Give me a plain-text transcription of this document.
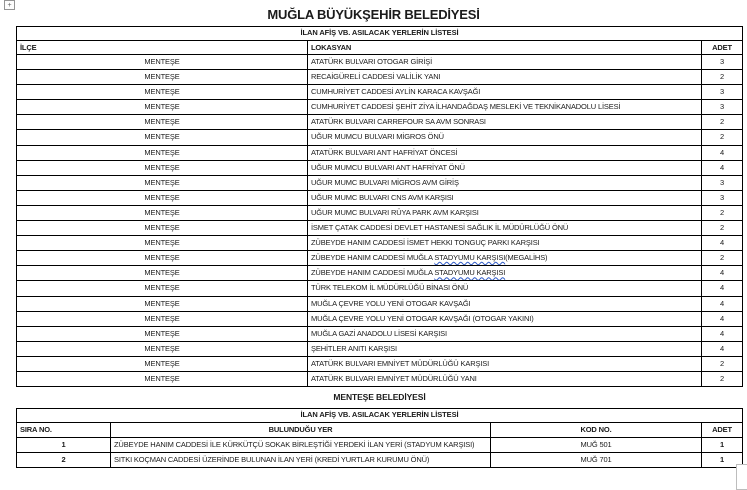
+
MUĞLA BÜYÜKŞEHİR BELEDİYESİ
İLAN AFİŞ VB. ASILACAK YERLERİN LİSTESİ
İLÇE	LOKASYAN	ADET
MENTEŞE	ATATÜRK BULVARI OTOGAR GİRİŞİ	3
MENTEŞE	RECAİGÜRELİ CADDESİ VALİLİK YANI	2
MENTEŞE	CUMHURİYET CADDESİ AYLİN KARACA KAVŞAĞI	3
MENTEŞE	CUMHURİYET CADDESİ ŞEHİT ZİYA İLHANDAĞDAŞ MESLEKİ VE TEKNİKANADOLU LİSESİ	3
MENTEŞE	ATATÜRK BULVARI CARREFOUR SA AVM SONRASI	2
MENTEŞE	UĞUR MUMCU BULVARI MİGROS ÖNÜ	2
MENTEŞE	ATATÜRK BULVARI ANT HAFRİYAT ÖNCESİ	4
MENTEŞE	UĞUR MUMCU BULVARI ANT HAFRİYAT ÖNÜ	4
MENTEŞE	UĞUR MUMC BULVARI MİGROS AVM GİRİŞ	3
MENTEŞE	UĞUR MUMC BULVARI CNS AVM KARŞISI	3
MENTEŞE	UĞUR MUMC BULVARI RÜYA PARK AVM KARŞISI	2
MENTEŞE	İSMET ÇATAK CADDESİ DEVLET HASTANESİ SAĞLIK İL MÜDÜRLÜĞÜ ÖNÜ	2
MENTEŞE	ZÜBEYDE HANIM CADDESİ İSMET HEKKI TONGUÇ PARKI KARŞISI	4
MENTEŞE	ZÜBEYDE HANIM CADDESİ MUĞLA STADYUMU KARŞISI(MEGALİHS)	2
MENTEŞE	ZÜBEYDE HANIM CADDESİ MUĞLA STADYUMU KARŞISI	4
MENTEŞE	TÜRK TELEKOM İL MÜDÜRLÜĞÜ BİNASI ÖNÜ	4
MENTEŞE	MUĞLA ÇEVRE YOLU YENİ OTOGAR KAVŞAĞI	4
MENTEŞE	MUĞLA ÇEVRE YOLU YENİ OTOGAR KAVŞAĞI (OTOGAR YAKINI)	4
MENTEŞE	MUĞLA GAZİ ANADOLU LİSESİ KARŞISI	4
MENTEŞE	ŞEHİTLER ANITI KARŞISI	4
MENTEŞE	ATATÜRK BULVARI EMNİYET MÜDÜRLÜĞÜ KARŞISI	2
MENTEŞE	ATATÜRK BULVARI EMNİYET MÜDÜRLÜĞÜ YANI	2
MENTEŞE BELEDİYESİ
İLAN AFİŞ VB. ASILACAK YERLERİN LİSTESİ
SIRA NO.	BULUNDUĞU YER	KOD NO.	ADET
1	ZÜBEYDE HANIM CADDESİ İLE KÜRKÜTÇÜ SOKAK BİRLEŞTİĞİ YERDEKİ İLAN YERİ (STADYUM KARŞISI)	MUĞ 501	1
2	SITKI KOÇMAN CADDESİ ÜZERİNDE BULUNAN İLAN YERİ (KREDİ YURTLAR KURUMU ÖNÜ)	MUĞ 701	1
